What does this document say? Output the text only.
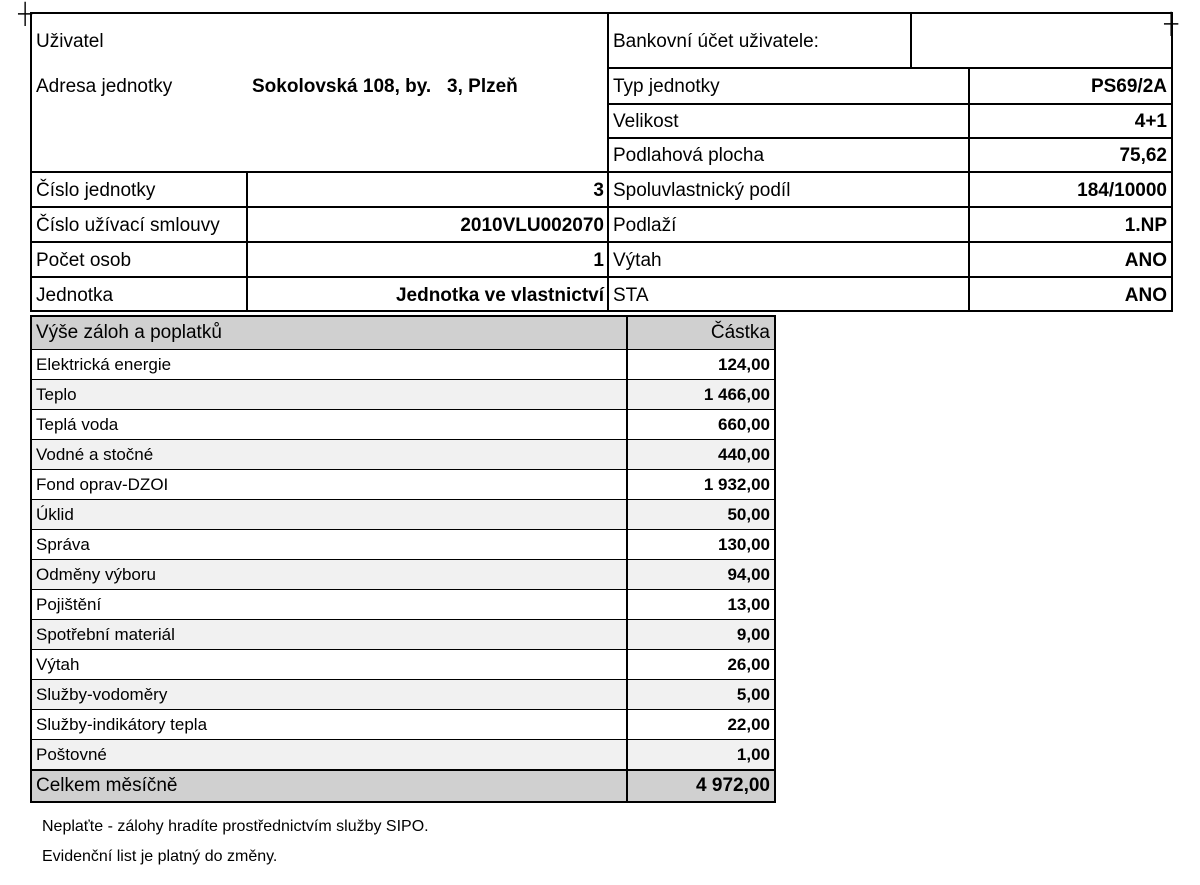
┼	┼
Uživatel
Adresa jednotky	Sokolovská 108, by.   3, Plzeň
Číslo jednotky	3
Číslo užívací smlouvy	2010VLU002070
Počet osob	1
Jednotka	Jednotka ve vlastnictví
Bankovní účet uživatele:
Typ jednotky	PS69/2A
Velikost	4+1
Podlahová plocha	75,62
Spoluvlastnický podíl	184/10000
Podlaží	1.NP
Výtah	ANO
STA	ANO
Výše záloh a poplatků	Částka
Elektrická energie	124,00
Teplo	1 466,00
Teplá voda	660,00
Vodné a stočné	440,00
Fond oprav-DZOI	1 932,00
Úklid	50,00
Správa	130,00
Odměny výboru	94,00
Pojištění	13,00
Spotřební materiál	9,00
Výtah	26,00
Služby-vodoměry	5,00
Služby-indikátory tepla	22,00
Poštovné	1,00
Celkem měsíčně	4 972,00
Neplaťte - zálohy hradíte prostřednictvím služby SIPO.
Evidenční list je platný do změny.
